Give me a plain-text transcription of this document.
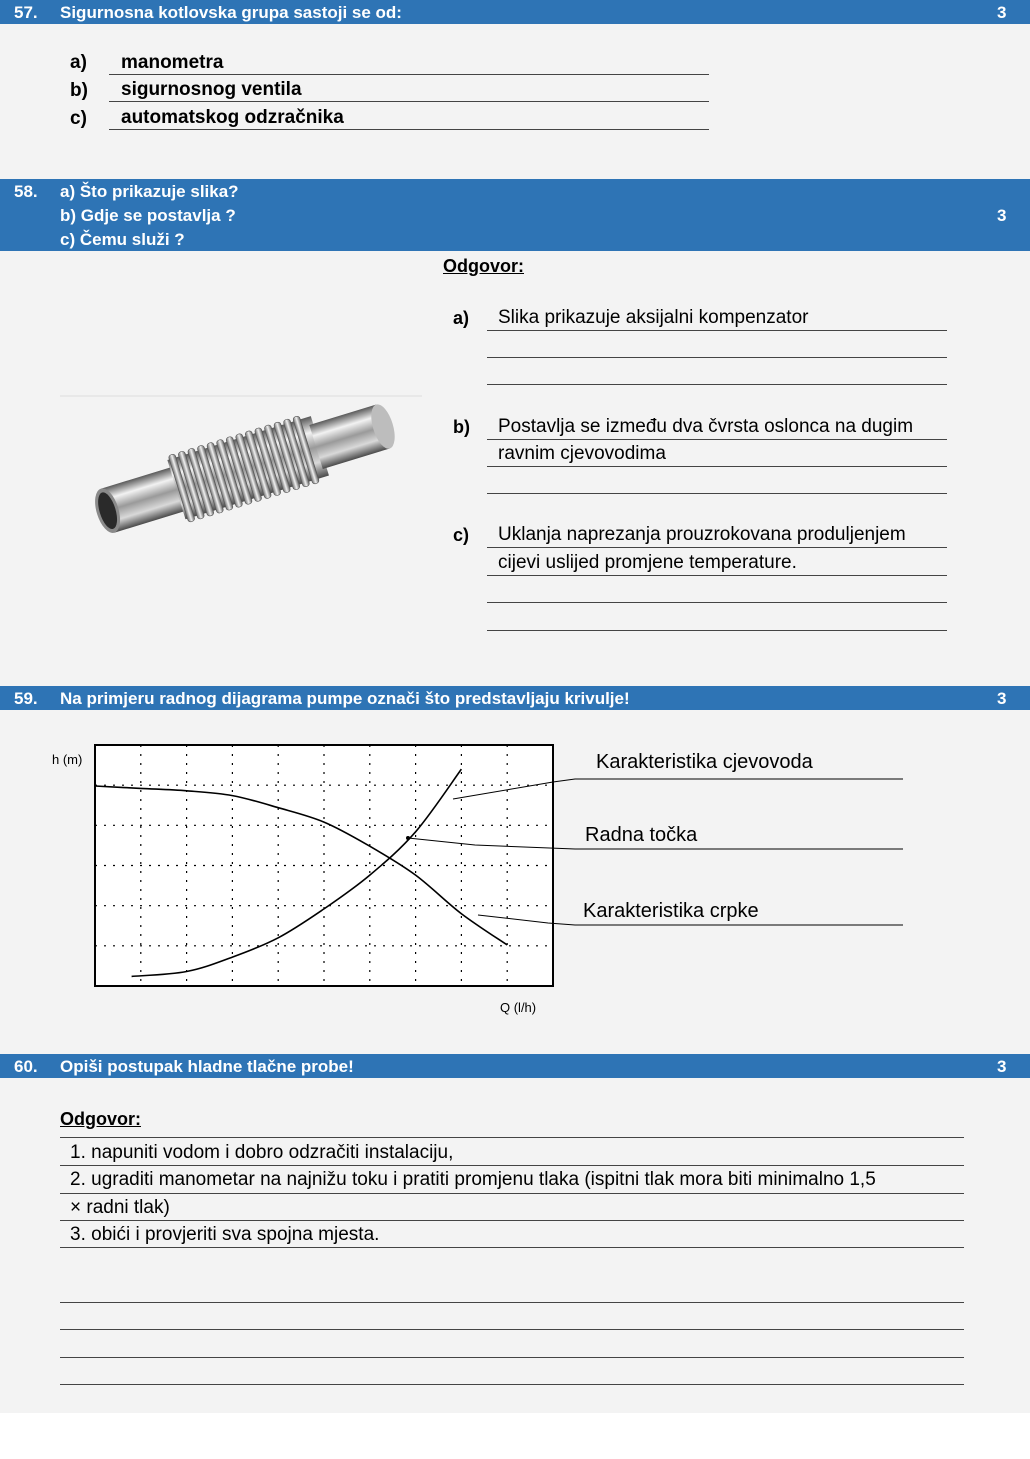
57. Sigurnosna kotlovska grupa sastoji se od:	3
a) manometra
b) sigurnosnog ventila
c) automatskog odzračnika
58. a) Što prikazuje slika?
b) Gdje se postavlja ?
c) Čemu služi ?
3
Odgovor:
a) Slika prikazuje aksijalni kompenzator
b) Postavlja se između dva čvrsta oslonca na dugim
ravnim cjevovodima
c) Uklanja naprezanja prouzrokovana produljenjem
cijevi uslijed promjene temperature.
59. Na primjeru radnog dijagrama pumpe označi što predstavljaju krivulje!	3
h (m)
Q (l/h)
Karakteristika cjevovoda
Radna točka
Karakteristika crpke
60. Opiši postupak hladne tlačne probe!	3
Odgovor:
1. napuniti vodom i dobro odzračiti instalaciju,
2. ugraditi manometar na najnižu toku i pratiti promjenu tlaka (ispitni tlak mora biti minimalno 1,5
× radni tlak)
3. obići i provjeriti sva spojna mjesta.
